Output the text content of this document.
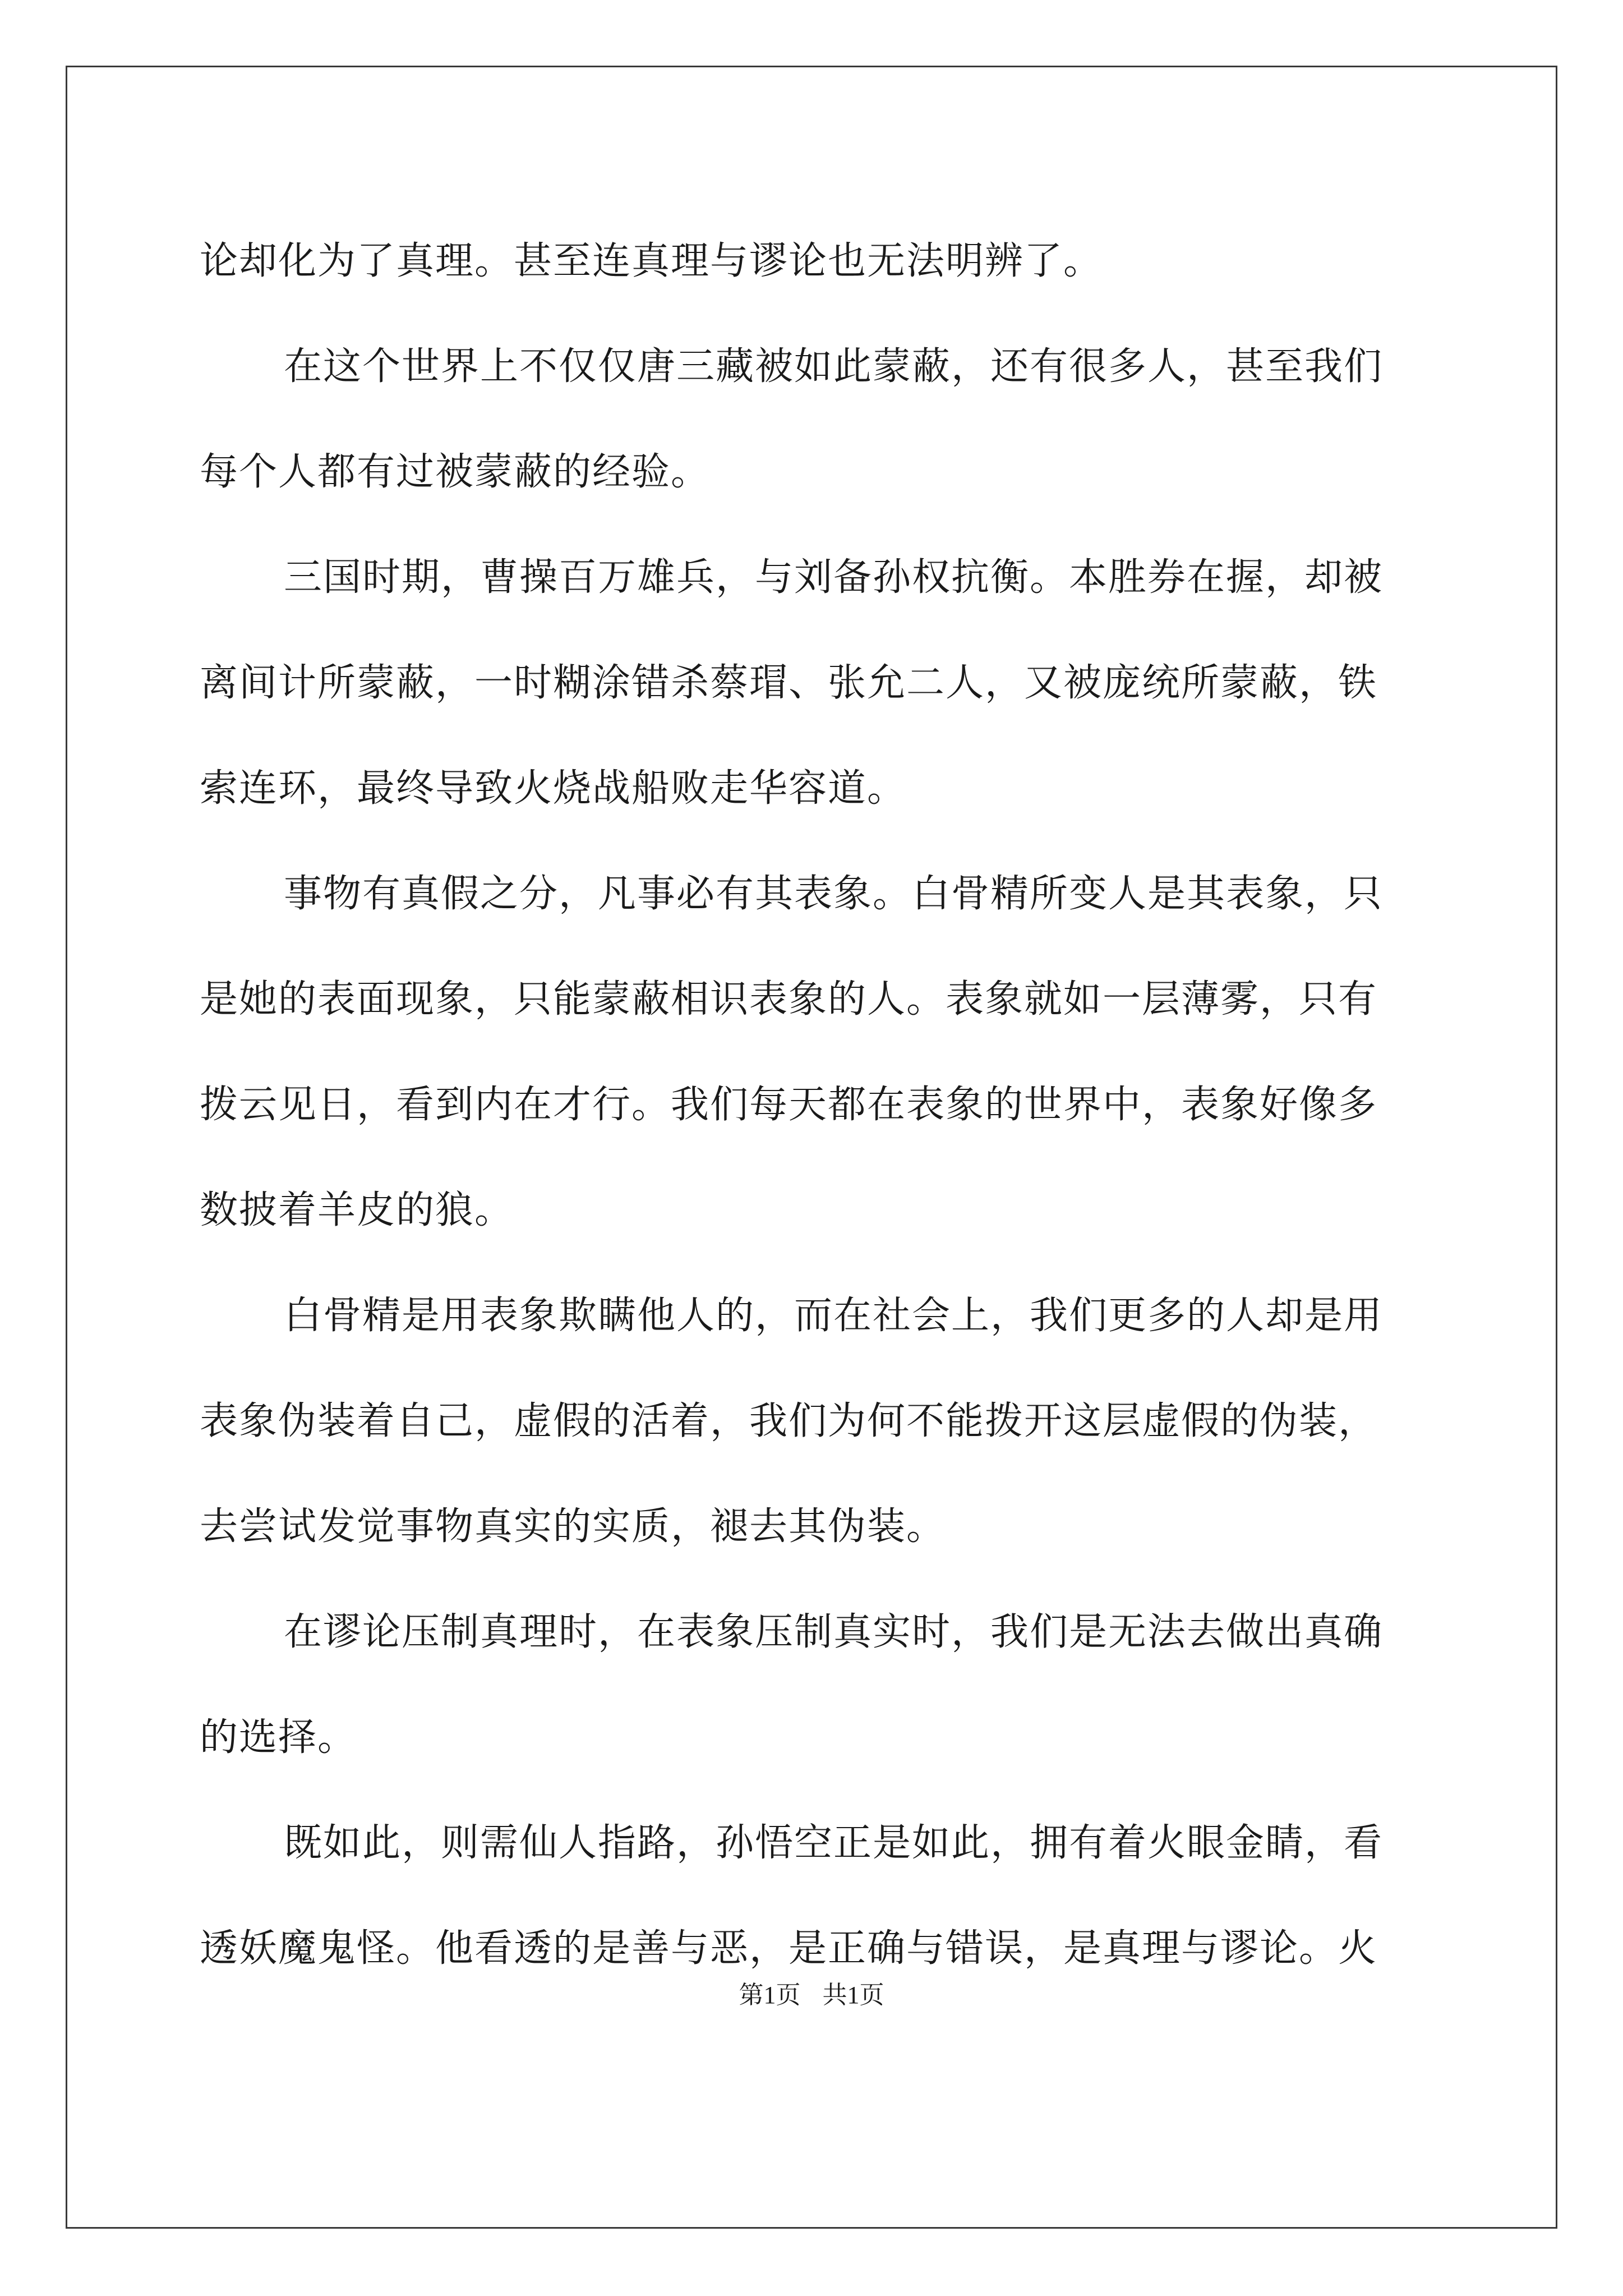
论却化为了真理。甚至连真理与谬论也无法明辨了。
在这个世界上不仅仅唐三藏被如此蒙蔽，还有很多人，甚至我们
每个人都有过被蒙蔽的经验。
三国时期，曹操百万雄兵，与刘备孙权抗衡。本胜券在握，却被
离间计所蒙蔽，一时糊涂错杀蔡瑁、张允二人，又被庞统所蒙蔽，铁
索连环，最终导致火烧战船败走华容道。
事物有真假之分，凡事必有其表象。白骨精所变人是其表象，只
是她的表面现象，只能蒙蔽相识表象的人。表象就如一层薄雾，只有
拨云见日，看到内在才行。我们每天都在表象的世界中，表象好像多
数披着羊皮的狼。
白骨精是用表象欺瞒他人的，而在社会上，我们更多的人却是用
表象伪装着自己，虚假的活着，我们为何不能拨开这层虚假的伪装，
去尝试发觉事物真实的实质，褪去其伪装。
在谬论压制真理时，在表象压制真实时，我们是无法去做出真确
的选择。
既如此，则需仙人指路，孙悟空正是如此，拥有着火眼金睛，看
透妖魔鬼怪。他看透的是善与恶，是正确与错误，是真理与谬论。火
第1页 共1页
